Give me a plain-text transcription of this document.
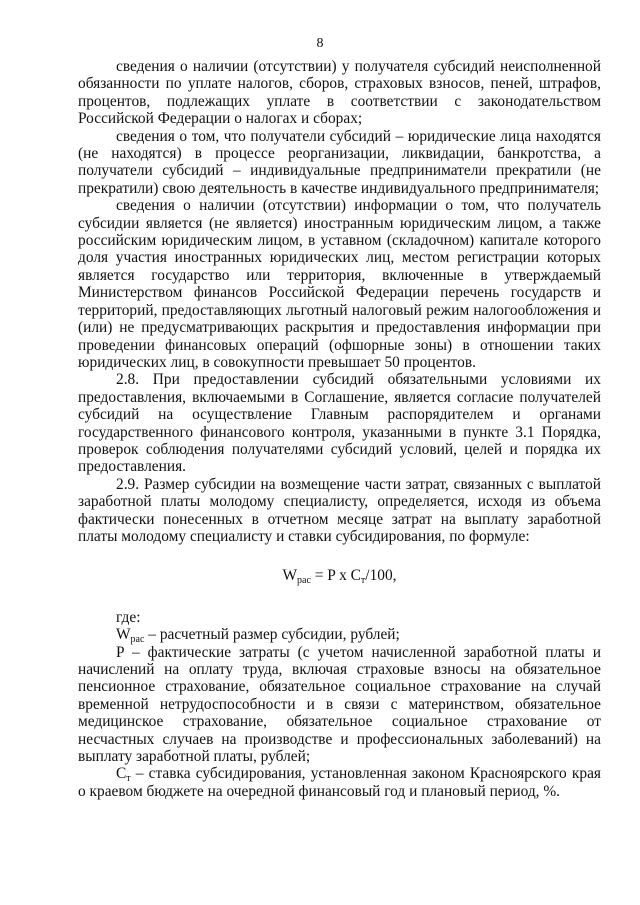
8

сведения о наличии (отсутствии) у получателя субсидий неисполненной обязанности по уплате налогов, сборов, страховых взносов, пеней, штрафов, процентов, подлежащих уплате в соответствии с законодательством Российской Федерации о налогах и сборах;

сведения о том, что получатели субсидий – юридические лица находятся (не находятся) в процессе реорганизации, ликвидации, банкротства, а получатели субсидий – индивидуальные предприниматели прекратили (не прекратили) свою деятельность в качестве индивидуального предпринимателя;

сведения о наличии (отсутствии) информации о том, что получатель субсидии является (не является) иностранным юридическим лицом, а также российским юридическим лицом, в уставном (складочном) капитале которого доля участия иностранных юридических лиц, местом регистрации которых является государство или территория, включенные в утверждаемый Министерством финансов Российской Федерации перечень государств и территорий, предоставляющих льготный налоговый режим налогообложения и (или) не предусматривающих раскрытия и предоставления информации при проведении финансовых операций (офшорные зоны) в отношении таких юридических лиц, в совокупности превышает 50 процентов.

2.8. При предоставлении субсидий обязательными условиями их предоставления, включаемыми в Соглашение, является согласие получателей субсидий на осуществление Главным распорядителем и органами государственного финансового контроля, указанными в пункте 3.1 Порядка, проверок соблюдения получателями субсидий условий, целей и порядка их предоставления.

2.9. Размер субсидии на возмещение части затрат, связанных с выплатой заработной платы молодому специалисту, определяется, исходя из объема фактически понесенных в отчетном месяце затрат на выплату заработной платы молодому специалисту и ставки субсидирования, по формуле:

$W_{рас} = P$ x $C_т/100$,

где:

$W_{рас}$ – расчетный размер субсидии, рублей;

P – фактические затраты (с учетом начисленной заработной платы и начислений на оплату труда, включая страховые взносы на обязательное пенсионное страхование, обязательное социальное страхование на случай временной нетрудоспособности и в связи с материнством, обязательное медицинское страхование, обязательное социальное страхование от несчастных случаев на производстве и профессиональных заболеваний) на выплату заработной платы, рублей;

$C_т$ – ставка субсидирования, установленная законом Красноярского края о краевом бюджете на очередной финансовый год и плановый период, %.
